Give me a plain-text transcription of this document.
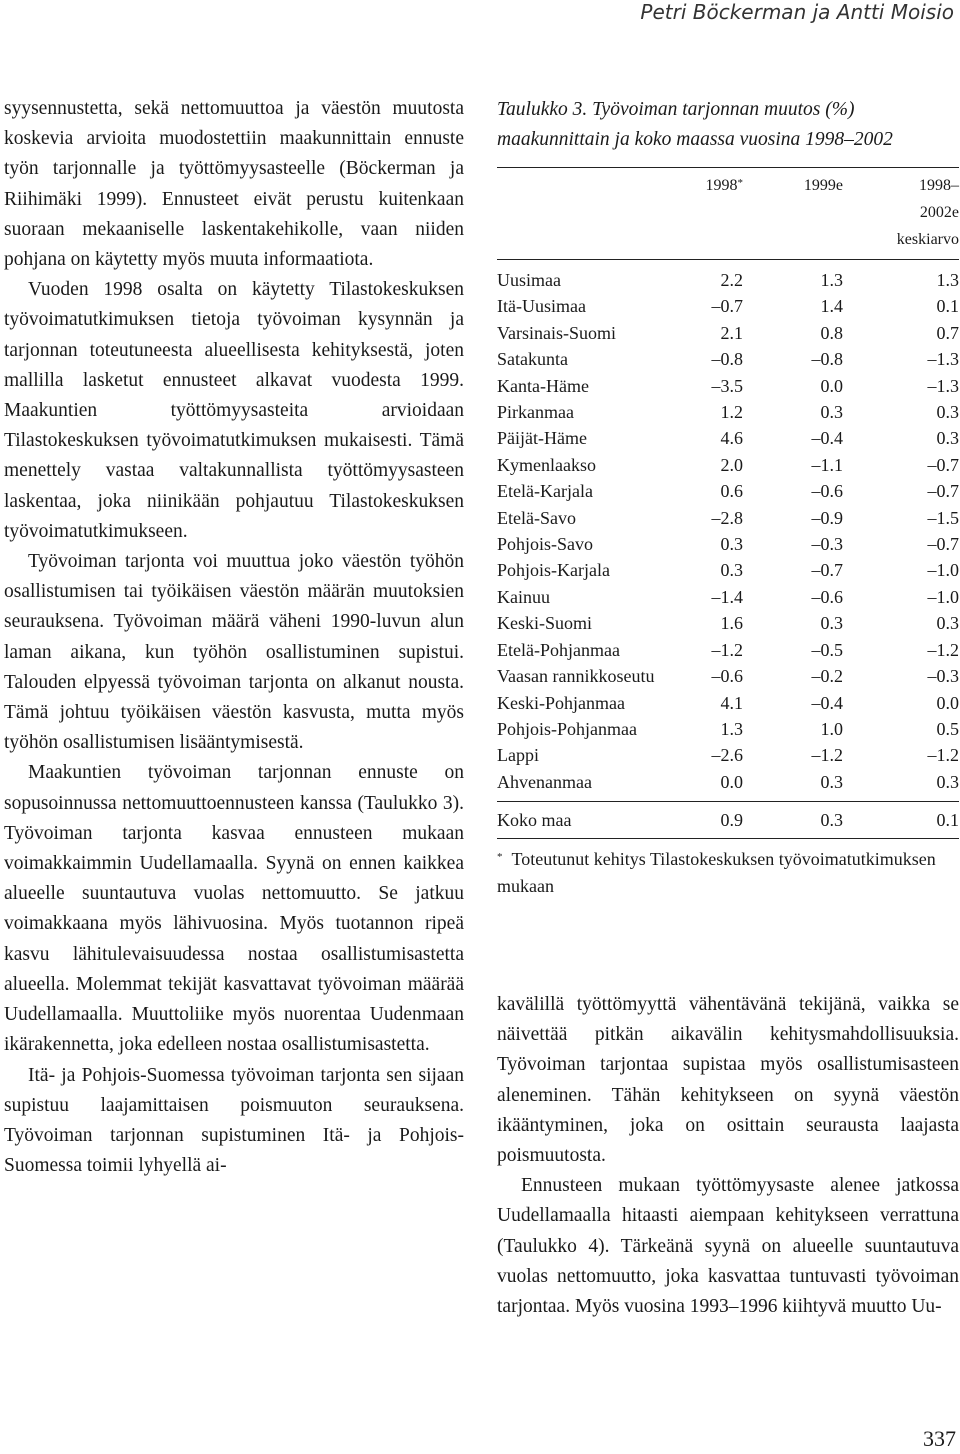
Petri Böckerman ja Antti Moisio

syysennustetta, sekä nettomuuttoa ja väestön muutosta koskevia arvioita muodostettiin maakunnittain ennuste työn tarjonnalle ja työttömyysasteelle (Böckerman ja Riihimäki 1999). Ennusteet eivät perustu kuitenkaan suoraan mekaaniselle laskentakehikolle, vaan niiden pohjana on käytetty myös muuta informaatiota.

Vuoden 1998 osalta on käytetty Tilastokeskuksen työvoimatutkimuksen tietoja työvoiman kysynnän ja tarjonnan toteutuneesta alueellisesta kehityksestä, joten mallilla lasketut ennusteet alkavat vuodesta 1999. Maakuntien työttömyysasteita arvioidaan Tilastokeskuksen työvoimatutkimuksen mukaisesti. Tämä menettely vastaa valtakunnallista työttömyysasteen laskentaa, joka niinikään pohjautuu Tilastokeskuksen työvoimatutkimukseen.

Työvoiman tarjonta voi muuttua joko väestön työhön osallistumisen tai työikäisen väestön määrän muutoksien seurauksena. Työvoiman määrä väheni 1990-luvun alun laman aikana, kun työhön osallistuminen supistui. Talouden elpyessä työvoiman tarjonta on alkanut nousta. Tämä johtuu työikäisen väestön kasvusta, mutta myös työhön osallistumisen lisääntymisestä.

Maakuntien työvoiman tarjonnan ennuste on sopusoinnussa nettomuuttoennusteen kanssa (Taulukko 3). Työvoiman tarjonta kasvaa ennusteen mukaan voimakkaimmin Uudellamaalla. Syynä on ennen kaikkea alueelle suuntautuva vuolas nettomuutto. Se jatkuu voimakkaana myös lähivuosina. Myös tuotannon ripeä kasvu lähitulevaisuudessa nostaa osallistumisastetta alueella. Molemmat tekijät kasvattavat työvoiman määrää Uudellamaalla. Muuttoliike myös nuorentaa Uudenmaan ikärakennetta, joka edelleen nostaa osallistumisastetta.

Itä- ja Pohjois-Suomessa työvoiman tarjonta sen sijaan supistuu laajamittaisen poismuuton seurauksena. Työvoiman tarjonnan supistuminen Itä- ja Pohjois-Suomessa toimii lyhyellä ai-

Taulukko 3. Työvoiman tarjonnan muutos (%) maakunnittain ja koko maassa vuosina 1998–2002
	1998*	1999e	1998–
2002e
keskiarvo

Uusimaa	2.2	1.3	1.3
Itä-Uusimaa	–0.7	1.4	0.1
Varsinais-Suomi	2.1	0.8	0.7
Satakunta	–0.8	–0.8	–1.3
Kanta-Häme	–3.5	0.0	–1.3
Pirkanmaa	1.2	0.3	0.3
Päijät-Häme	4.6	–0.4	0.3
Kymenlaakso	2.0	–1.1	–0.7
Etelä-Karjala	0.6	–0.6	–0.7
Etelä-Savo	–2.8	–0.9	–1.5
Pohjois-Savo	0.3	–0.3	–0.7
Pohjois-Karjala	0.3	–0.7	–1.0
Kainuu	–1.4	–0.6	–1.0
Keski-Suomi	1.6	0.3	0.3
Etelä-Pohjanmaa	–1.2	–0.5	–1.2
Vaasan rannikkoseutu	–0.6	–0.2	–0.3
Keski-Pohjanmaa	4.1	–0.4	0.0
Pohjois-Pohjanmaa	1.3	1.0	0.5
Lappi	–2.6	–1.2	–1.2
Ahvenanmaa	0.0	0.3	0.3

Koko maa	0.9	0.3	0.1
* Toteutunut kehitys Tilastokeskuksen työvoimatutkimuksen mukaan

kavälillä työttömyyttä vähentävänä tekijänä, vaikka se näivettää pitkän aikavälin kehitysmahdollisuuksia. Työvoiman tarjontaa supistaa myös osallistumisasteen aleneminen. Tähän kehitykseen on syynä väestön ikääntyminen, joka on osittain seurausta laajasta poismuutosta.

Ennusteen mukaan työttömyysaste alenee jatkossa Uudellamaalla hitaasti aiempaan kehitykseen verrattuna (Taulukko 4). Tärkeänä syynä on alueelle suuntautuva vuolas nettomuutto, joka kasvattaa tuntuvasti työvoiman tarjontaa. Myös vuosina 1993–1996 kiihtyvä muutto Uu-

337
